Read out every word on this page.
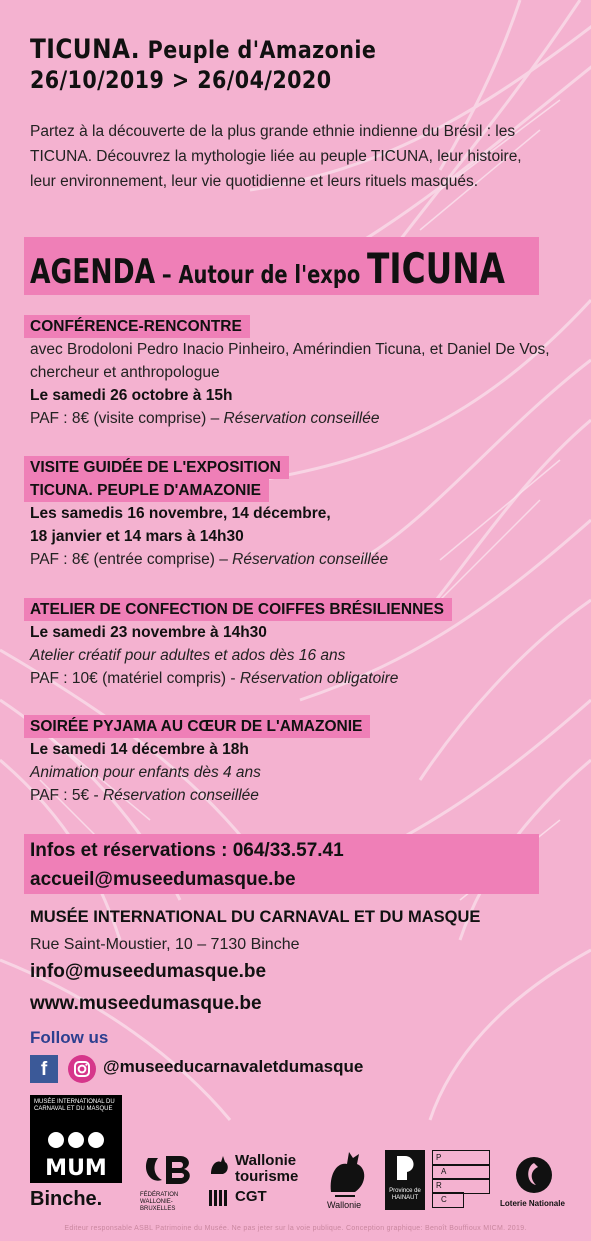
TICUNA. Peuple d'Amazonie
26/10/2019 > 26/04/2020
Partez à la découverte de la plus grande ethnie indienne du Brésil : les TICUNA. Découvrez la mythologie liée au peuple TICUNA, leur histoire, leur environnement, leur vie quotidienne et leurs rituels masqués.
AGENDA – Autour de l'expo TICUNA
CONFÉRENCE-RENCONTRE
avec Brodoloni Pedro Inacio Pinheiro, Amérindien Ticuna, et Daniel De Vos, chercheur et anthropologue
Le samedi 26 octobre à 15h
PAF : 8€ (visite comprise) – Réservation conseillée
VISITE GUIDÉE DE L'EXPOSITION
TICUNA. PEUPLE D'AMAZONIE
Les samedis 16 novembre, 14 décembre,
18 janvier et 14 mars à 14h30
PAF : 8€ (entrée comprise) – Réservation conseillée
ATELIER DE CONFECTION DE COIFFES BRÉSILIENNES
Le samedi 23 novembre à 14h30
Atelier créatif pour adultes et ados dès 16 ans
PAF : 10€ (matériel compris) - Réservation obligatoire
SOIRÉE PYJAMA AU CŒUR DE L'AMAZONIE
Le samedi 14 décembre à 18h
Animation pour enfants dès 4 ans
PAF : 5€ - Réservation conseillée
Infos et réservations : 064/33.57.41
accueil@museedumasque.be
MUSÉE INTERNATIONAL DU CARNAVAL ET DU MASQUE
Rue Saint-Moustier, 10 – 7130 Binche
info@museedumasque.be
www.museedumasque.be
Follow us
f	@museeducarnavaletdumasque
MUSÉE INTERNATIONAL DU CARNAVAL ET DU MASQUE
MUM
Binche.	FÉDÉRATION WALLONIE-BRUXELLES
Wallonie
tourisme
CGT	Wallonie
Province de HAINAUT
P
A
R
C	Loterie Nationale
Editeur responsable ASBL Patrimoine du Musée. Ne pas jeter sur la voie publique. Conception graphique: Benoît Bouffioux MICM. 2019.
